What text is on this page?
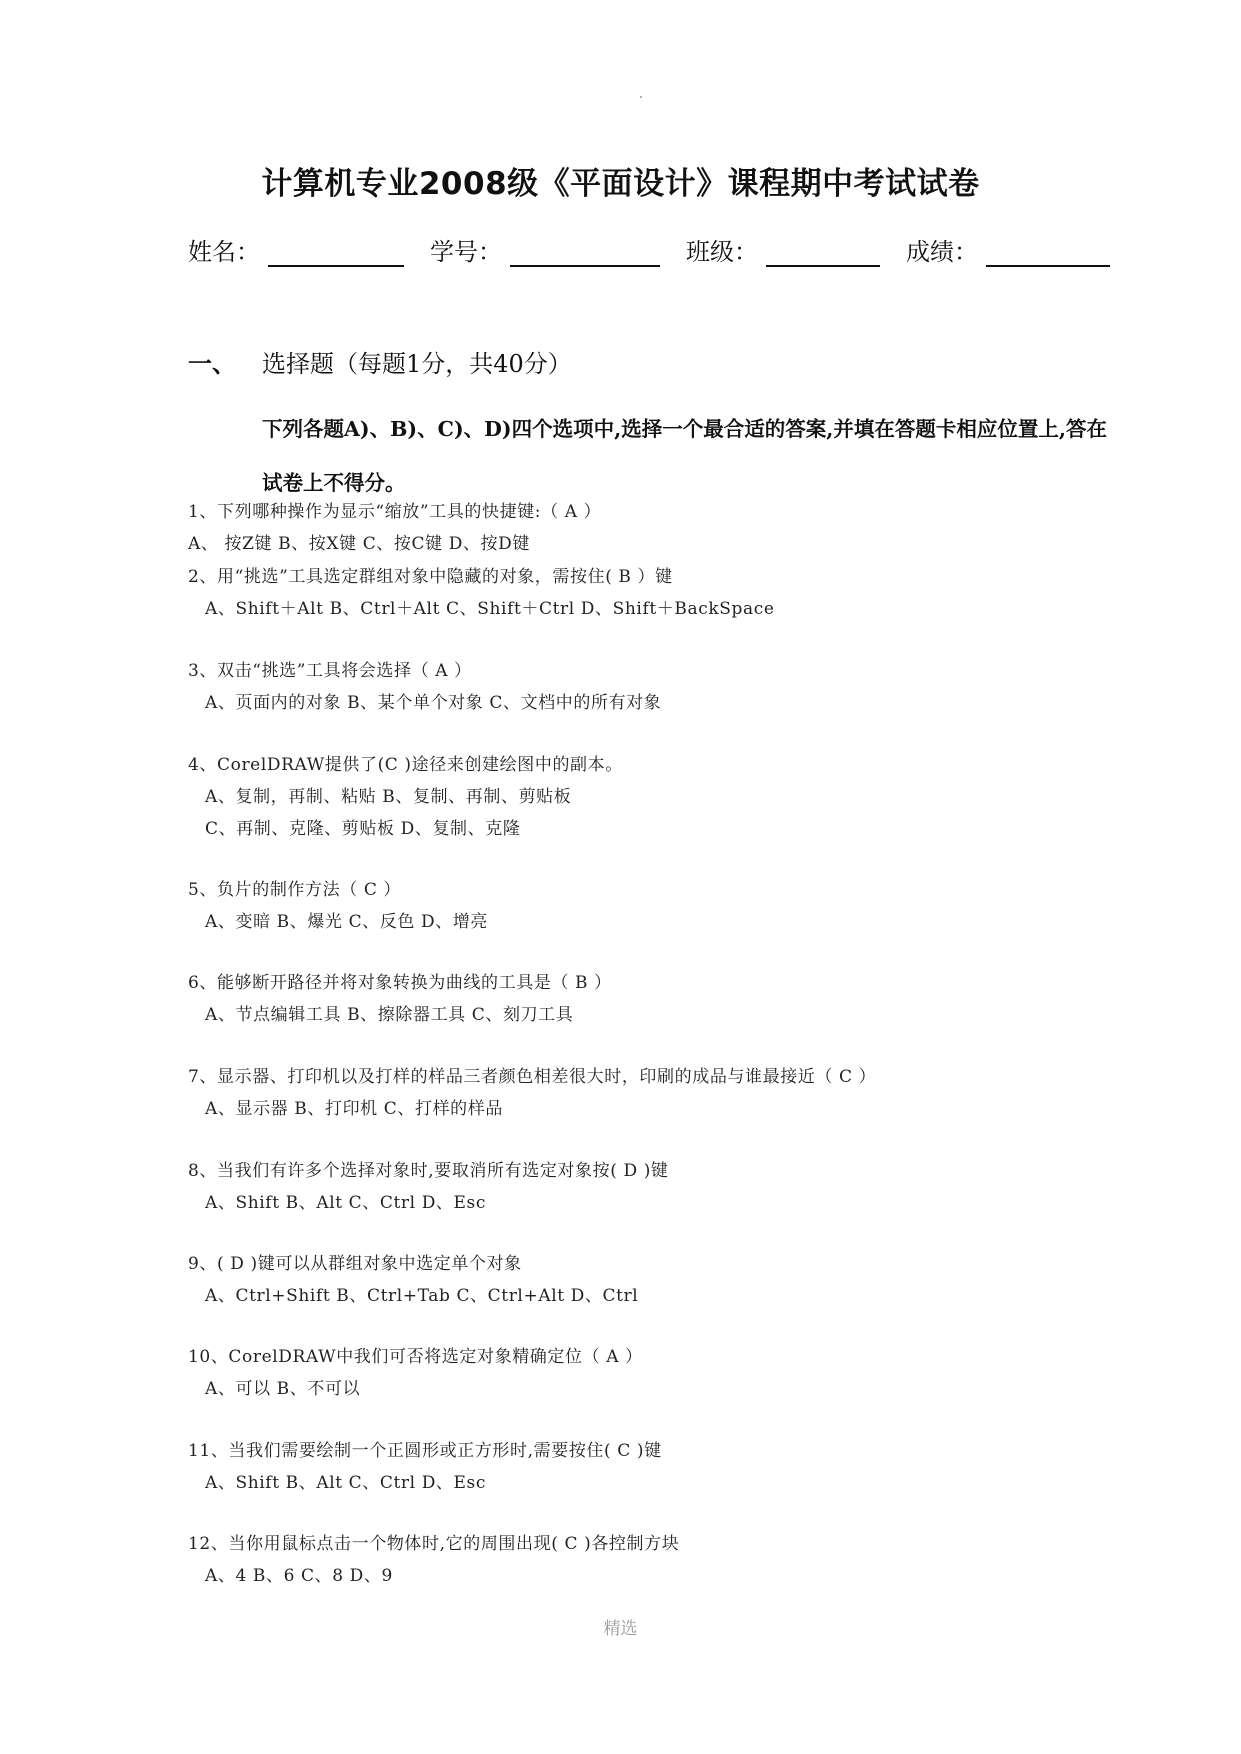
计算机专业2008级《平面设计》课程期中考试试卷
姓名：	学号：	班级：	成绩：
一、 选择题（每题1分，共40分）
下列各题A)、B)、C)、D)四个选项中,选择一个最合适的答案,并填在答题卡相应位置上,答在试卷上不得分。
1、下列哪种操作为显示“缩放”工具的快捷键:（ A ）
A、 按Z键 B、按X键 C、按C键 D、按D键
2、用“挑选”工具选定群组对象中隐藏的对象，需按住( B ）键
A、Shift＋Alt B、Ctrl＋Alt C、Shift＋Ctrl D、Shift＋BackSpace
3、双击“挑选”工具将会选择（ A ）
A、页面内的对象 B、某个单个对象 C、文档中的所有对象
4、CorelDRAW提供了(C )途径来创建绘图中的副本。
A、复制，再制、粘贴 B、复制、再制、剪贴板
C、再制、克隆、剪贴板 D、复制、克隆
5、负片的制作方法（ C ）
A、变暗 B、爆光 C、反色 D、增亮
6、能够断开路径并将对象转换为曲线的工具是（ B ）
A、节点编辑工具 B、擦除器工具 C、刻刀工具
7、显示器、打印机以及打样的样品三者颜色相差很大时，印刷的成品与谁最接近（ C ）
A、显示器 B、打印机 C、打样的样品
8、当我们有许多个选择对象时,要取消所有选定对象按( D )键
A、Shift B、Alt C、Ctrl D、Esc
9、( D )键可以从群组对象中选定单个对象
A、Ctrl+Shift B、Ctrl+Tab C、Ctrl+Alt D、Ctrl
10、CorelDRAW中我们可否将选定对象精确定位（ A ）
A、可以 B、不可以
11、当我们需要绘制一个正圆形或正方形时,需要按住( C )键
A、Shift B、Alt C、Ctrl D、Esc
12、当你用鼠标点击一个物体时,它的周围出现( C )各控制方块
A、4 B、6 C、8 D、9
精选
